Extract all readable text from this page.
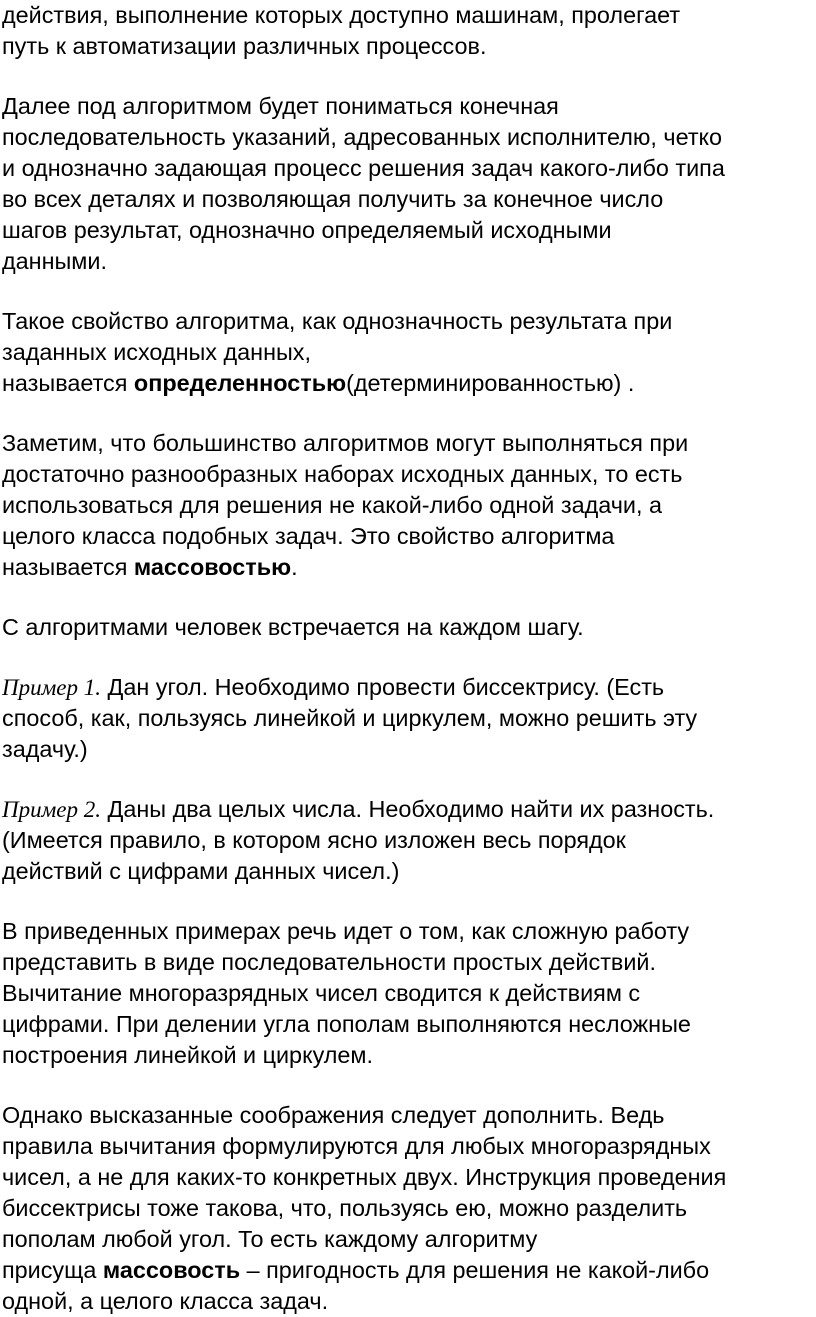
действия, выполнение которых доступно машинам, пролегает
путь к автоматизации различных процессов.
Далее под алгоритмом будет пониматься конечная
последовательность указаний, адресованных исполнителю, четко
и однозначно задающая процесс решения задач какого-либо типа
во всех деталях и позволяющая получить за конечное число
шагов результат, однозначно определяемый исходными
данными.
Такое свойство алгоритма, как однозначность результата при
заданных исходных данных,
называется определенностью(детерминированностью) .
Заметим, что большинство алгоритмов могут выполняться при
достаточно разнообразных наборах исходных данных, то есть
использоваться для решения не какой-либо одной задачи, а
целого класса подобных задач. Это свойство алгоритма
называется массовостью.
С алгоритмами человек встречается на каждом шагу.
Пример 1. Дан угол. Необходимо провести биссектрису. (Есть
способ, как, пользуясь линейкой и циркулем, можно решить эту
задачу.)
Пример 2. Даны два целых числа. Необходимо найти их разность.
(Имеется правило, в котором ясно изложен весь порядок
действий с цифрами данных чисел.)
В приведенных примерах речь идет о том, как сложную работу
представить в виде последовательности простых действий.
Вычитание многоразрядных чисел сводится к действиям с
цифрами. При делении угла пополам выполняются несложные
построения линейкой и циркулем.
Однако высказанные соображения следует дополнить. Ведь
правила вычитания формулируются для любых многоразрядных
чисел, а не для каких-то конкретных двух. Инструкция проведения
биссектрисы тоже такова, что, пользуясь ею, можно разделить
пополам любой угол. То есть каждому алгоритму
присуща массовость – пригодность для решения не какой-либо
одной, а целого класса задач.
